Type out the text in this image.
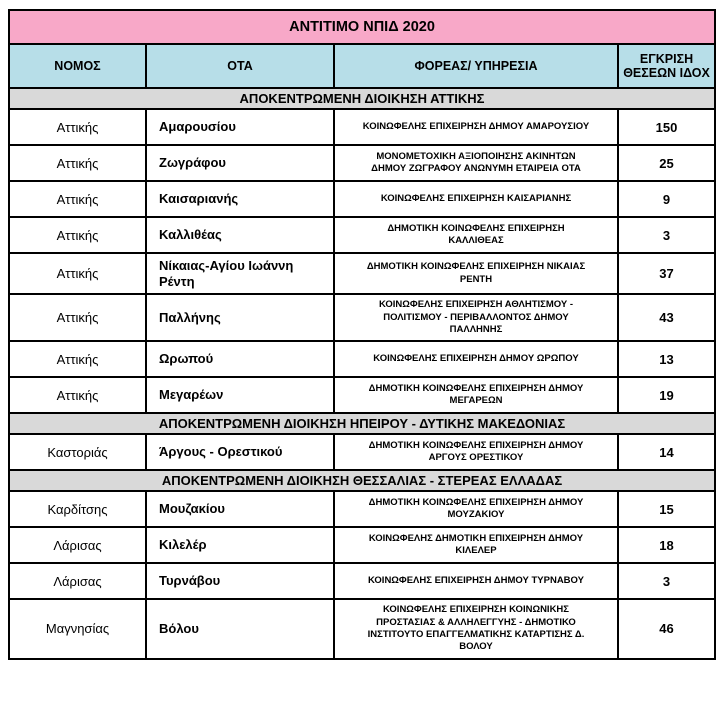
ΑΝΤΙΤΙΜΟ ΝΠΙΔ 2020			
ΝΟΜΟΣ	ΟΤΑ	ΦΟΡΕΑΣ/ ΥΠΗΡΕΣΙΑ	ΕΓΚΡΙΣΗ ΘΕΣΕΩΝ ΙΔΟΧ
ΑΠΟΚΕΝΤΡΩΜΕΝΗ ΔΙΟΙΚΗΣΗ ΑΤΤΙΚΗΣ			
Αττικής	Αμαρουσίου	ΚΟΙΝΩΦΕΛΗΣ ΕΠΙΧΕΙΡΗΣΗ ΔΗΜΟΥ ΑΜΑΡΟΥΣΙΟΥ	150
Αττικής	Ζωγράφου	ΜΟΝΟΜΕΤΟΧΙΚΗ ΑΞΙΟΠΟΙΗΣΗΣ ΑΚΙΝΗΤΩΝ ΔΗΜΟΥ ΖΩΓΡΑΦΟΥ ΑΝΩΝΥΜΗ ΕΤΑΙΡΕΙΑ ΟΤΑ	25
Αττικής	Καισαριανής	ΚΟΙΝΩΦΕΛΗΣ ΕΠΙΧΕΙΡΗΣΗ ΚΑΙΣΑΡΙΑΝΗΣ	9
Αττικής	Καλλιθέας	ΔΗΜΟΤΙΚΗ ΚΟΙΝΩΦΕΛΗΣ ΕΠΙΧΕΙΡΗΣΗ ΚΑΛΛΙΘΕΑΣ	3
Αττικής	Νίκαιας-Αγίου Ιωάννη Ρέντη	ΔΗΜΟΤΙΚΗ ΚΟΙΝΩΦΕΛΗΣ ΕΠΙΧΕΙΡΗΣΗ ΝΙΚΑΙΑΣ ΡΕΝΤΗ	37
Αττικής	Παλλήνης	ΚΟΙΝΩΦΕΛΗΣ ΕΠΙΧΕΙΡΗΣΗ ΑΘΛΗΤΙΣΜΟΥ - ΠΟΛΙΤΙΣΜΟΥ - ΠΕΡΙΒΑΛΛΟΝΤΟΣ ΔΗΜΟΥ ΠΑΛΛΗΝΗΣ	43
Αττικής	Ωρωπού	ΚΟΙΝΩΦΕΛΗΣ ΕΠΙΧΕΙΡΗΣΗ ΔΗΜΟΥ ΩΡΩΠΟΥ	13
Αττικής	Μεγαρέων	ΔΗΜΟΤΙΚΗ ΚΟΙΝΩΦΕΛΗΣ ΕΠΙΧΕΙΡΗΣΗ ΔΗΜΟΥ ΜΕΓΑΡΕΩΝ	19
ΑΠΟΚΕΝΤΡΩΜΕΝΗ ΔΙΟΙΚΗΣΗ ΗΠΕΙΡΟΥ - ΔΥΤΙΚΗΣ ΜΑΚΕΔΟΝΙΑΣ			
Καστοριάς	Άργους - Ορεστικού	ΔΗΜΟΤΙΚΗ ΚΟΙΝΩΦΕΛΗΣ ΕΠΙΧΕΙΡΗΣΗ ΔΗΜΟΥ ΑΡΓΟΥΣ ΟΡΕΣΤΙΚΟΥ	14
ΑΠΟΚΕΝΤΡΩΜΕΝΗ ΔΙΟΙΚΗΣΗ ΘΕΣΣΑΛΙΑΣ - ΣΤΕΡΕΑΣ ΕΛΛΑΔΑΣ			
Καρδίτσης	Μουζακίου	ΔΗΜΟΤΙΚΗ ΚΟΙΝΩΦΕΛΗΣ ΕΠΙΧΕΙΡΗΣΗ ΔΗΜΟΥ ΜΟΥΖΑΚΙΟΥ	15
Λάρισας	Κιλελέρ	ΚΟΙΝΩΦΕΛΗΣ ΔΗΜΟΤΙΚΗ ΕΠΙΧΕΙΡΗΣΗ ΔΗΜΟΥ ΚΙΛΕΛΕΡ	18
Λάρισας	Τυρνάβου	ΚΟΙΝΩΦΕΛΗΣ ΕΠΙΧΕΙΡΗΣΗ ΔΗΜΟΥ ΤΥΡΝΑΒΟΥ	3
Μαγνησίας	Βόλου	ΚΟΙΝΩΦΕΛΗΣ ΕΠΙΧΕΙΡΗΣΗ ΚΟΙΝΩΝΙΚΗΣ ΠΡΟΣΤΑΣΙΑΣ & ΑΛΛΗΛΕΓΓΥΗΣ - ΔΗΜΟΤΙΚΟ ΙΝΣΤΙΤΟΥΤΟ ΕΠΑΓΓΕΛΜΑΤΙΚΗΣ ΚΑΤΑΡΤΙΣΗΣ Δ. ΒΟΛΟΥ	46
